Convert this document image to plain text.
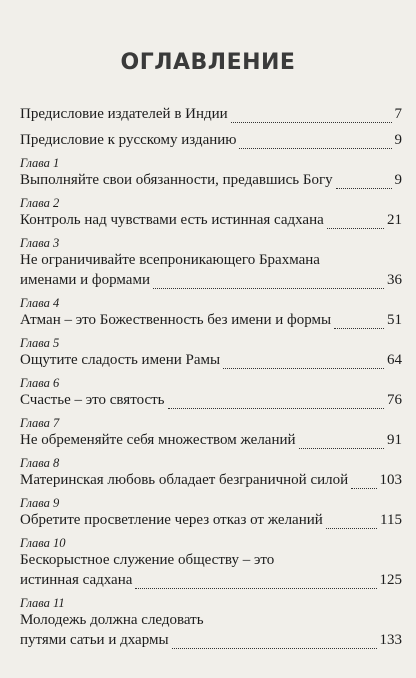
ОГЛАВЛЕНИЕ
Предисловие издателей в Индии	7
Предисловие к русскому изданию	9
Глава 1
Выполняйте свои обязанности, предавшись Богу	9
Глава 2
Контроль над чувствами есть истинная садхана	21
Глава 3
Не ограничивайте всепроникающего Брахмана
именами и формами	36
Глава 4
Атман – это Божественность без имени и формы	51
Глава 5
Ощутите сладость имени Рамы	64
Глава 6
Счастье – это святость	76
Глава 7
Не обременяйте себя множеством желаний	91
Глава 8
Материнская любовь обладает безграничной силой 103
Глава 9
Обретите просветление через отказ от желаний	115
Глава 10
Бескорыстное служение обществу – это
истинная садхана	125
Глава 11
Молодежь должна следовать
путями сатьи и дхармы	133
